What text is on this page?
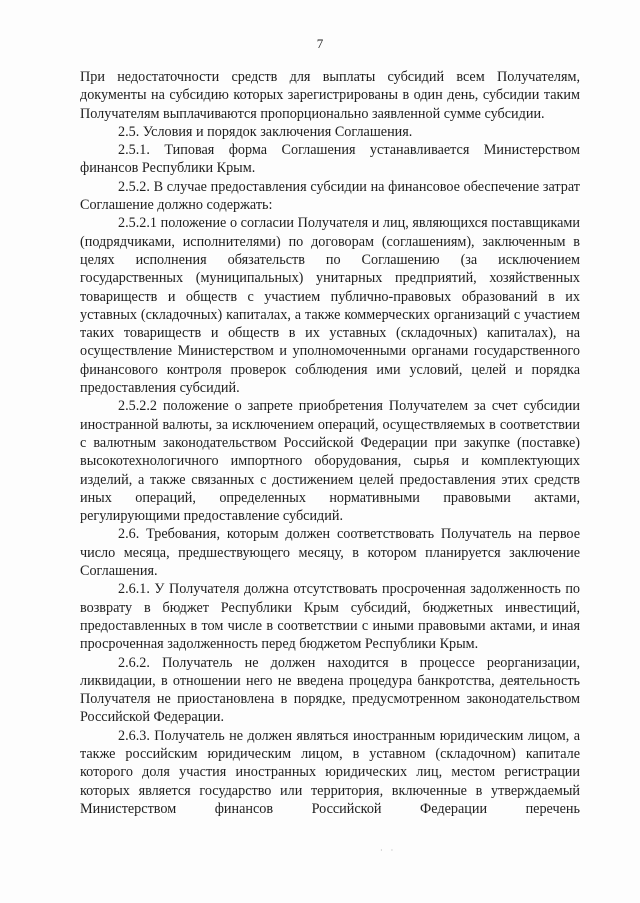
7

При недостаточности средств для выплаты субсидий всем Получателям, документы на субсидию которых зарегистрированы в один день, субсидии таким Получателям выплачиваются пропорционально заявленной сумме субсидии.

2.5. Условия и порядок заключения Соглашения.

2.5.1. Типовая форма Соглашения устанавливается Министерством финансов Республики Крым.

2.5.2. В случае предоставления субсидии на финансовое обеспечение затрат Соглашение должно содержать:

2.5.2.1 положение о согласии Получателя и лиц, являющихся поставщиками (подрядчиками, исполнителями) по договорам (соглашениям), заключенным в целях исполнения обязательств по Соглашению (за исключением государственных (муниципальных) унитарных предприятий, хозяйственных товариществ и обществ с участием публично-правовых образований в их уставных (складочных) капиталах, а также коммерческих организаций с участием таких товариществ и обществ в их уставных (складочных) капиталах), на осуществление Министерством и уполномоченными органами государственного финансового контроля проверок соблюдения ими условий, целей и порядка предоставления субсидий.

2.5.2.2 положение о запрете приобретения Получателем за счет субсидии иностранной валюты, за исключением операций, осуществляемых в соответствии с валютным законодательством Российской Федерации при закупке (поставке) высокотехнологичного импортного оборудования, сырья и комплектующих изделий, а также связанных с достижением целей предоставления этих средств иных операций, определенных нормативными правовыми актами, регулирующими предоставление субсидий.

2.6. Требования, которым должен соответствовать Получатель на первое число месяца, предшествующего месяцу, в котором планируется заключение Соглашения.

2.6.1. У Получателя должна отсутствовать просроченная задолженность по возврату в бюджет Республики Крым субсидий, бюджетных инвестиций, предоставленных в том числе в соответствии с иными правовыми актами, и иная просроченная задолженность перед бюджетом Республики Крым.

2.6.2. Получатель не должен находится в процессе реорганизации, ликвидации, в отношении него не введена процедура банкротства, деятельность Получателя не приостановлена в порядке, предусмотренном законодательством Российской Федерации.

2.6.3. Получатель не должен являться иностранным юридическим лицом, а также российским юридическим лицом, в уставном (складочном) капитале которого доля участия иностранных юридических лиц, местом регистрации которых является государство или территория, включенные в утверждаемый Министерством финансов Российской Федерации перечень

· ·
